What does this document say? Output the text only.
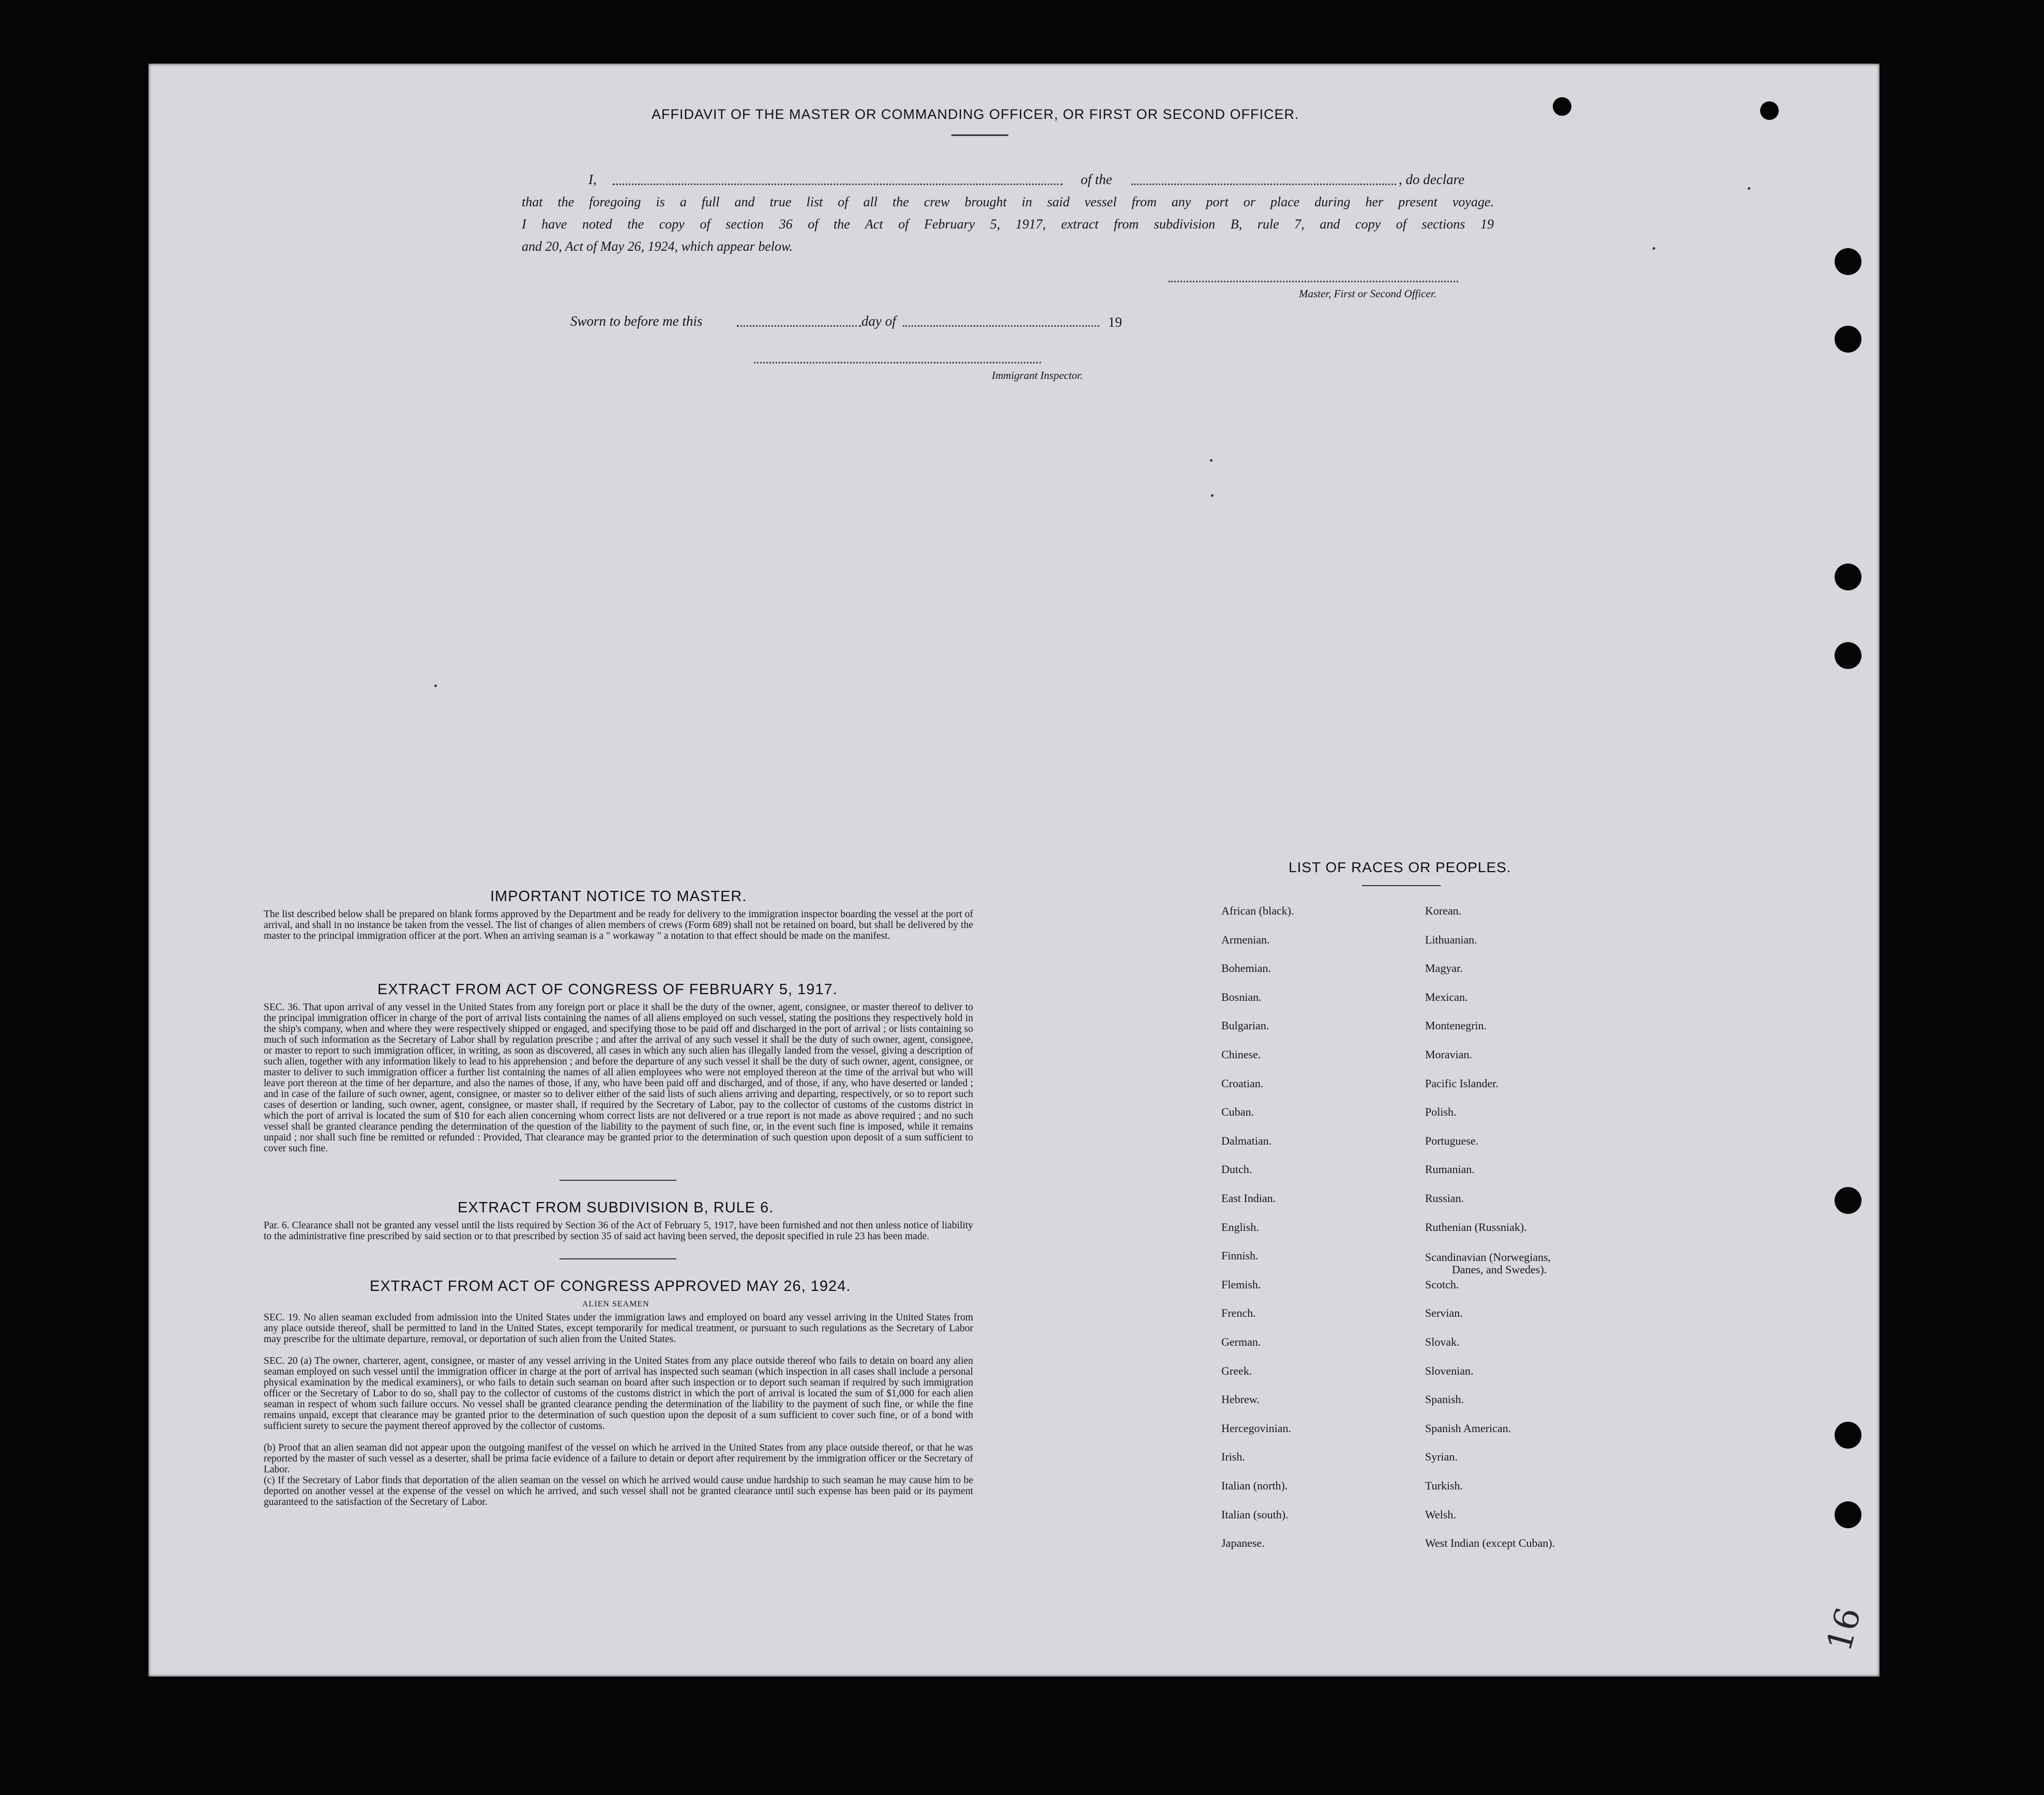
AFFIDAVIT OF THE MASTER OR COMMANDING OFFICER, OR FIRST OR SECOND OFFICER.
I,	of the	, do declare
that the foregoing is a full and true list of all the crew brought in said vessel from any port or place during her present voyage.
I have noted the copy of section 36 of the Act of February 5, 1917, extract from subdivision B, rule 7, and copy of sections 19
and 20, Act of May 26, 1924, which appear below.
Master, First or Second Officer.
Sworn to before me this	day of	19
Immigrant Inspector.
IMPORTANT NOTICE TO MASTER.

The list described below shall be prepared on blank forms approved by the Department and be ready for delivery to the immigration inspector boarding the vessel at the port of arrival, and shall in no instance be taken from the vessel. The list of changes of alien members of crews (Form 689) shall not be retained on board, but shall be delivered by the master to the principal immigration officer at the port. When an arriving seaman is a " workaway " a notation to that effect should be made on the manifest.

EXTRACT FROM ACT OF CONGRESS OF FEBRUARY 5, 1917.

SEC. 36. That upon arrival of any vessel in the United States from any foreign port or place it shall be the duty of the owner, agent, consignee, or master thereof to deliver to the principal immigration officer in charge of the port of arrival lists containing the names of all aliens employed on such vessel, stating the positions they respectively hold in the ship's company, when and where they were respectively shipped or engaged, and specifying those to be paid off and discharged in the port of arrival ; or lists containing so much of such information as the Secretary of Labor shall by regulation prescribe ; and after the arrival of any such vessel it shall be the duty of such owner, agent, consignee, or master to report to such immigration officer, in writing, as soon as discovered, all cases in which any such alien has illegally landed from the vessel, giving a description of such alien, together with any information likely to lead to his apprehension ; and before the departure of any such vessel it shall be the duty of such owner, agent, consignee, or master to deliver to such immigration officer a further list containing the names of all alien employees who were not employed thereon at the time of the arrival but who will leave port thereon at the time of her departure, and also the names of those, if any, who have been paid off and discharged, and of those, if any, who have deserted or landed ; and in case of the failure of such owner, agent, consignee, or master so to deliver either of the said lists of such aliens arriving and departing, respectively, or so to report such cases of desertion or landing, such owner, agent, consignee, or master shall, if required by the Secretary of Labor, pay to the collector of customs of the customs district in which the port of arrival is located the sum of $10 for each alien concerning whom correct lists are not delivered or a true report is not made as above required ; and no such vessel shall be granted clearance pending the determination of the question of the liability to the payment of such fine, or, in the event such fine is imposed, while it remains unpaid ; nor shall such fine be remitted or refunded : Provided, That clearance may be granted prior to the determination of such question upon deposit of a sum sufficient to cover such fine.

EXTRACT FROM SUBDIVISION B, RULE 6.

Par. 6. Clearance shall not be granted any vessel until the lists required by Section 36 of the Act of February 5, 1917, have been furnished and not then unless notice of liability to the administrative fine prescribed by said section or to that prescribed by section 35 of said act having been served, the deposit specified in rule 23 has been made.

EXTRACT FROM ACT OF CONGRESS APPROVED MAY 26, 1924.
ALIEN SEAMEN

SEC. 19. No alien seaman excluded from admission into the United States under the immigration laws and employed on board any vessel arriving in the United States from any place outside thereof, shall be permitted to land in the United States, except temporarily for medical treatment, or pursuant to such regulations as the Secretary of Labor may prescribe for the ultimate departure, removal, or deportation of such alien from the United States.

SEC. 20 (a) The owner, charterer, agent, consignee, or master of any vessel arriving in the United States from any place outside thereof who fails to detain on board any alien seaman employed on such vessel until the immigration officer in charge at the port of arrival has inspected such seaman (which inspection in all cases shall include a personal physical examination by the medical examiners), or who fails to detain such seaman on board after such inspection or to deport such seaman if required by such immigration officer or the Secretary of Labor to do so, shall pay to the collector of customs of the customs district in which the port of arrival is located the sum of $1,000 for each alien seaman in respect of whom such failure occurs. No vessel shall be granted clearance pending the determination of the liability to the payment of such fine, or while the fine remains unpaid, except that clearance may be granted prior to the determination of such question upon the deposit of a sum sufficient to cover such fine, or of a bond with sufficient surety to secure the payment thereof approved by the collector of customs.

(b) Proof that an alien seaman did not appear upon the outgoing manifest of the vessel on which he arrived in the United States from any place outside thereof, or that he was reported by the master of such vessel as a deserter, shall be prima facie evidence of a failure to detain or deport after requirement by the immigration officer or the Secretary of Labor.

(c) If the Secretary of Labor finds that deportation of the alien seaman on the vessel on which he arrived would cause undue hardship to such seaman he may cause him to be deported on another vessel at the expense of the vessel on which he arrived, and such vessel shall not be granted clearance until such expense has been paid or its payment guaranteed to the satisfaction of the Secretary of Labor.

LIST OF RACES OR PEOPLES.
African (black).
Armenian.
Bohemian.
Bosnian.
Bulgarian.
Chinese.
Croatian.
Cuban.
Dalmatian.
Dutch.
East Indian.
English.
Finnish.
Flemish.
French.
German.
Greek.
Hebrew.
Hercegovinian.
Irish.
Italian (north).
Italian (south).
Japanese.
Korean.
Lithuanian.
Magyar.
Mexican.
Montenegrin.
Moravian.
Pacific Islander.
Polish.
Portuguese.
Rumanian.
Russian.
Ruthenian (Russniak).
Scandinavian (Norwegians,
Danes, and Swedes).
Scotch.
Servian.
Slovak.
Slovenian.
Spanish.
Spanish American.
Syrian.
Turkish.
Welsh.
West Indian (except Cuban).
16
